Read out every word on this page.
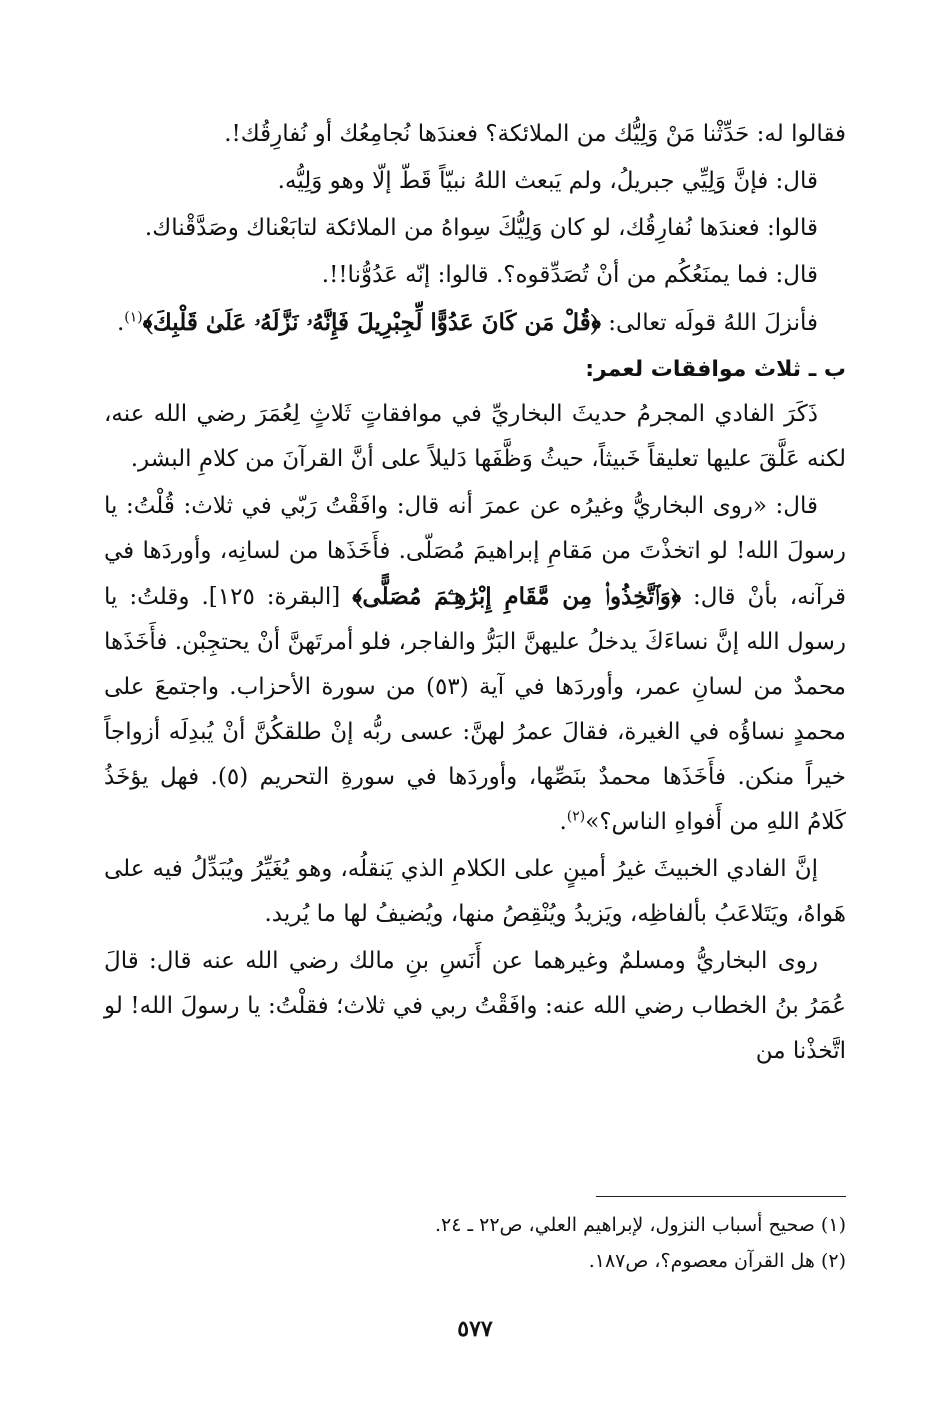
فقالوا له: حَدِّثْنا مَنْ وَلِيُّك من الملائكة؟ فعندَها نُجامِعُك أو نُفارِقُك!.

قال: فإنَّ وَلِيِّي جبريلُ، ولم يَبعث اللهُ نبيّاً قَطّ إلّا وهو وَلِيُّه.

قالوا: فعندَها نُفارِقُك، لو كان وَلِيُّكَ سِواهُ من الملائكة لتابَعْناك وصَدَّقْناك.

قال: فما يمنَعُكُم من أنْ تُصَدِّقوه؟. قالوا: إنّه عَدُوُّنا!!.

فأنزلَ اللهُ قولَه تعالى: ﴿قُلْ مَن كَانَ عَدُوًّا لِّجِبْرِيلَ فَإِنَّهُۥ نَزَّلَهُۥ عَلَىٰ قَلْبِكَ﴾$^{(١)}$.

ب ـ ثلاث موافقات لعمر:

ذَكَرَ الفادي المجرمُ حديثَ البخاريِّ في موافقاتٍ ثَلاثٍ لِعُمَرَ رضي الله عنه، لكنه عَلَّقَ عليها تعليقاً خَبيثاً، حيثُ وَظَّفَها دَليلاً على أنَّ القرآنَ من كلامِ البشر.

قال: «روى البخاريُّ وغيرُه عن عمرَ أنه قال: وافَقْتُ رَبّي في ثلاث: قُلْتُ: يا رسولَ الله! لو اتخذْتَ من مَقامِ إبراهيمَ مُصَلّى. فأَخَذَها من لسانِه، وأوردَها في قرآنه، بأنْ قال: ﴿وَٱتَّخِذُوا۟ مِن مَّقَامِ إِبْرَٰهِـۧمَ مُصَلًّى﴾ [البقرة: ١٢٥]. وقلتُ: يا رسول الله إنَّ نساءَكَ يدخلُ عليهنَّ البَرُّ والفاجر، فلو أمرتَهنَّ أنْ يحتجِبْن. فأَخَذَها محمدٌ من لسانِ عمر، وأوردَها في آية (٥٣) من سورة الأحزاب. واجتمعَ على محمدٍ نساؤُه في الغيرة، فقالَ عمرُ لهنَّ: عسى ربُّه إنْ طلقكُنَّ أنْ يُبدِلَه أزواجاً خيراً منكن. فأَخَذَها محمدٌ بنَصِّها، وأوردَها في سورةِ التحريم (٥). فهل يؤخَذُ كَلامُ اللهِ من أَفواهِ الناس؟»$^{(٢)}$.

إنَّ الفادي الخبيثَ غيرُ أمينٍ على الكلامِ الذي يَنقلُه، وهو يُغَيِّرُ ويُبَدِّلُ فيه على هَواهُ، ويَتَلاعَبُ بألفاظِه، ويَزيدُ ويُنْقِصُ منها، ويُضيفُ لها ما يُريد.

روى البخاريُّ ومسلمٌ وغيرهما عن أَنَسِ بنِ مالك رضي الله عنه قال: قالَ عُمَرُ بنُ الخطاب رضي الله عنه: وافَقْتُ ربي في ثلاث؛ فقلْتُ: يا رسولَ الله! لو اتَّخذْنا من

(١) صحيح أسباب النزول، لإبراهيم العلي، ص٢٢ ـ ٢٤.

(٢) هل القرآن معصوم؟، ص١٨٧.

٥٧٧
